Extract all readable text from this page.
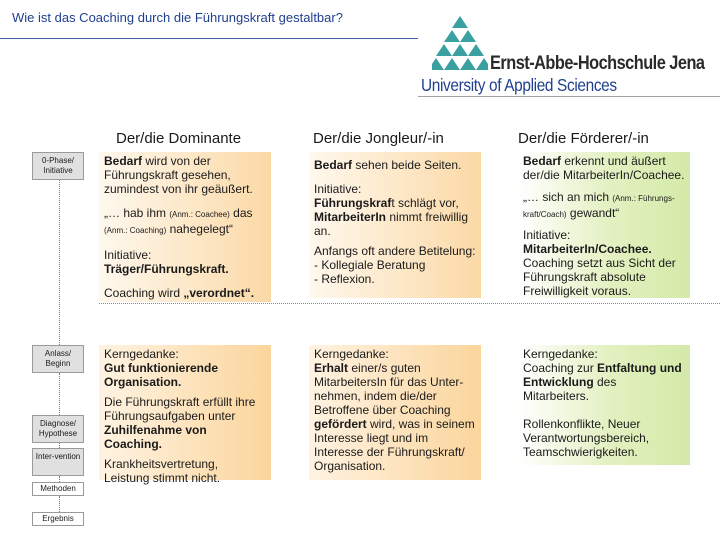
Wie ist das Coaching durch die Führungskraft gestaltbar?
Ernst-Abbe-Hochschule Jena
University of Applied Sciences
Der/die Dominante	Der/die Jongleur/-in	Der/die Förderer/-in
0-Phase/ Initiative
Anlass/ Beginn
Diagnose/ Hypothese
Inter-vention
Methoden
Ergebnis

Bedarf wird von der Führungskraft gesehen, zumindest von ihr geäußert.

„… hab ihm (Anm.: Coachee) das
(Anm.: Coaching) nahegelegt“

Initiative:
Träger/Führungskraft.

Coaching wird „verordnet“.

Kerngedanke:
Gut funktionierende Organisation.

Die Führungskraft erfüllt ihre Führungsaufgaben unter Zuhilfenahme von Coaching.

Krankheitsvertretung, Leistung stimmt nicht.

Bedarf sehen beide Seiten.

Initiative:
Führungskraft schlägt vor, MitarbeiterIn nimmt freiwillig an.

Anfangs oft andere Betitelung:
- Kollegiale Beratung
- Reflexion.

Kerngedanke:
Erhalt einer/s guten MitarbeitersIn für das Unter-nehmen, indem die/der Betroffene über Coaching gefördert wird, was in seinem Interesse liegt und im Interesse der Führungskraft/ Organisation.

Bedarf erkennt und äußert der/die MitarbeiterIn/Coachee.

„… sich an mich (Anm.: Führungs-kraft/Coach) gewandt“

Initiative:
MitarbeiterIn/Coachee. Coaching setzt aus Sicht der Führungskraft absolute Freiwilligkeit voraus.

Kerngedanke:
Coaching zur Entfaltung und Entwicklung des Mitarbeiters.

Rollenkonflikte, Neuer Verantwortungsbereich, Teamschwierigkeiten.
